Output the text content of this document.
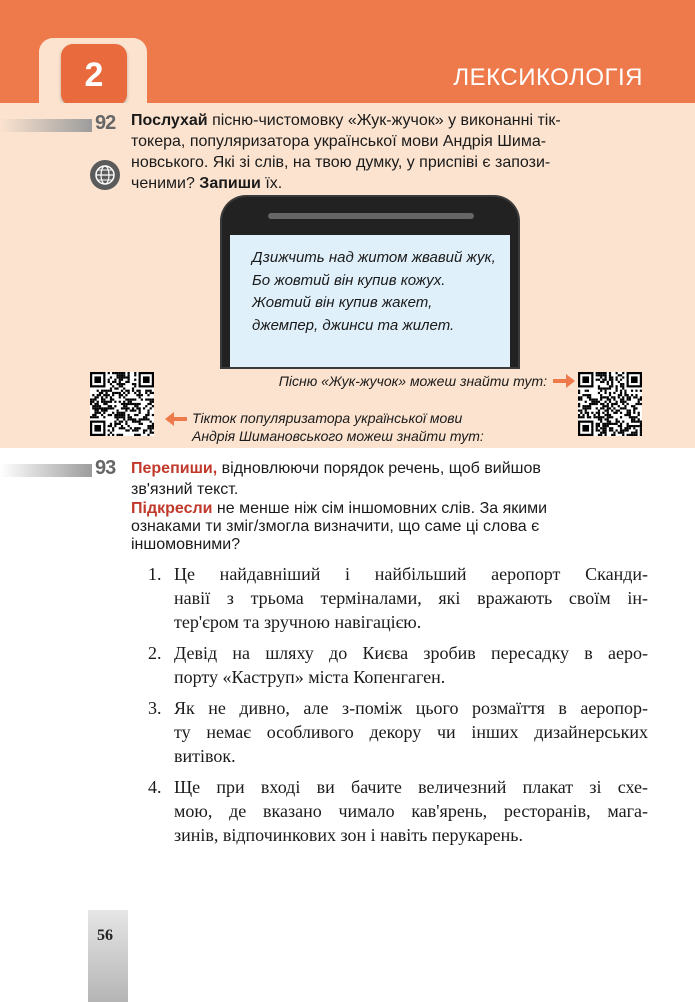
2	ЛЕКСИКОЛОГІЯ
92 Послухай пісню-чистомовку «Жук-жучок» у виконанні тік-
токера, популяризатора української мови Андрія Шима-
новського. Які зі слів, на твою думку, у приспіві є запози-
ченими? Запиши їх.
Дзижчить над житом жвавий жук,
Бо жовтий він купив кожух.
Жовтий він купив жакет,
джемпер, джинси та жилет.
Пісню «Жук-жучок» можеш знайти тут:
Тікток популяризатора української мови
Андрія Шимановського можеш знайти тут:
93 Перепиши, відновлюючи порядок речень, щоб вийшов
зв'язний текст.
Підкресли не менше ніж сім іншомовних слів. За якими
ознаками ти зміг/змогла визначити, що саме ці слова є
іншомовними?
1. Це найдавніший і найбільший аеропорт Сканди-
навії з трьома терміналами, які вражають своїм ін-
тер'єром та зручною навігацією.
2. Девід на шляху до Києва зробив пересадку в аеро-
порту «Каструп» міста Копенгаген.
3. Як не дивно, але з-поміж цього розмаїття в аеропор-
ту немає особливого декору чи інших дизайнерських
витівок.
4. Ще при вході ви бачите величезний плакат зі схе-
мою, де вказано чимало кав'ярень, ресторанів, мага-
зинів, відпочинкових зон і навіть перукарень.
56
